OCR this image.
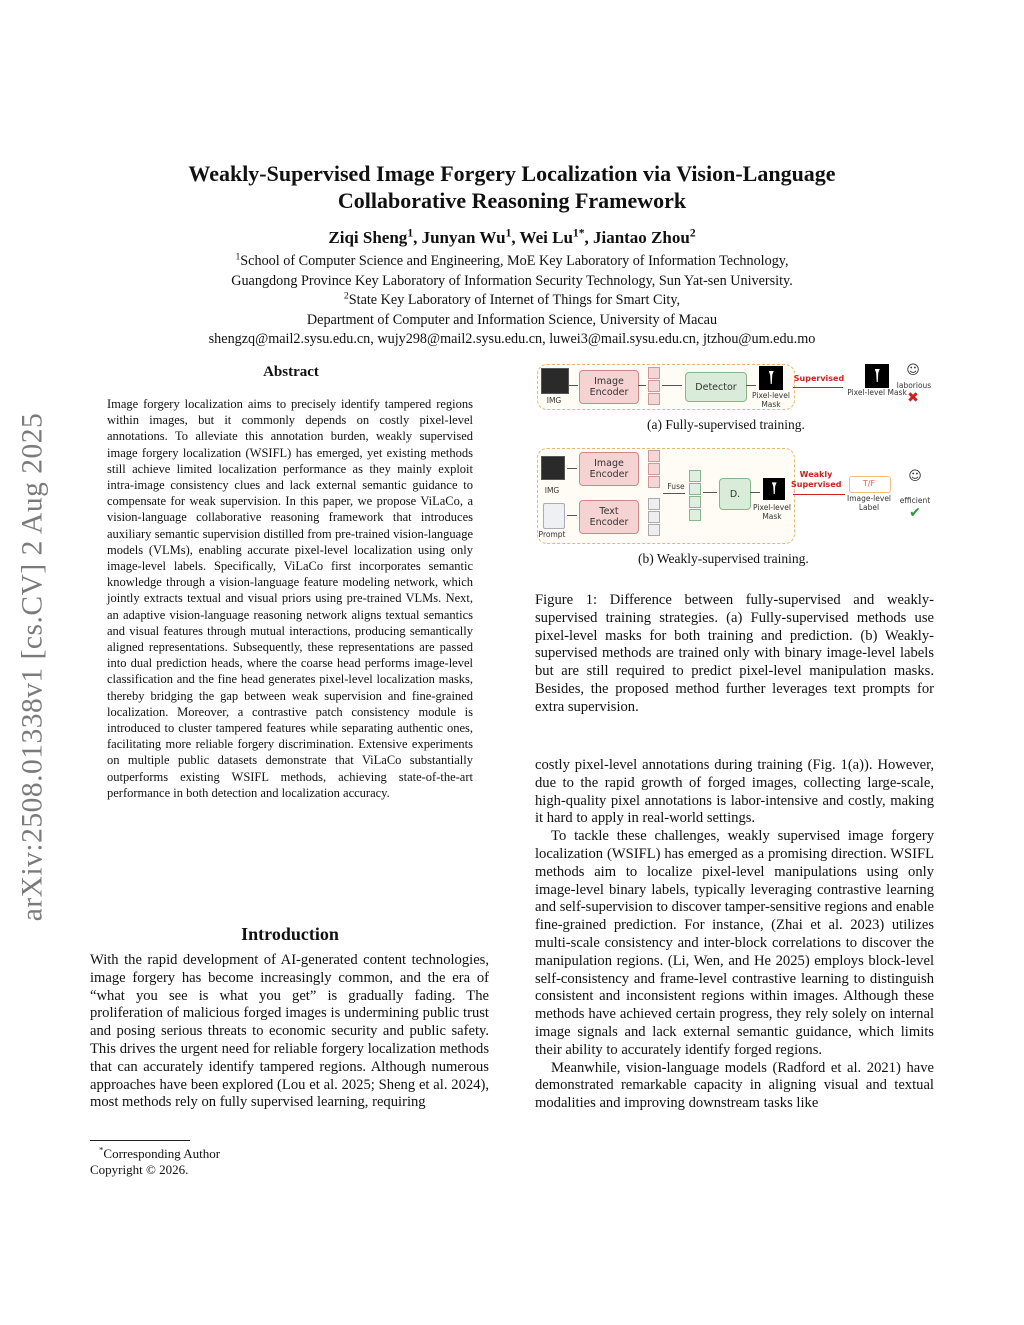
arXiv:2508.01338v1 [cs.CV] 2 Aug 2025
Weakly-Supervised Image Forgery Localization via Vision-Language
Collaborative Reasoning Framework
Ziqi Sheng$^1$, Junyan Wu$^1$, Wei $Lu^{1*}$, Jiantao Zhou$^2$
$^1$School of Computer Science and Engineering, MoE Key Laboratory of Information Technology,
Guangdong Province Key Laboratory of Information Security Technology, Sun Yat-sen University.
$^2$State Key Laboratory of Internet of Things for Smart City,
Department of Computer and Information Science, University of Macau
shengzq@mail2.sysu.edu.cn, wujy298@mail2.sysu.edu.cn, luwei3@mail.sysu.edu.cn, jtzhou@um.edu.mo
Abstract
Image forgery localization aims to precisely identify tampered regions within images, but it commonly depends on costly pixel-level annotations. To alleviate this annotation burden, weakly supervised image forgery localization (WSIFL) has emerged, yet existing methods still achieve limited localization performance as they mainly exploit intra-image consistency clues and lack external semantic guidance to compensate for weak supervision. In this paper, we propose ViLaCo, a vision-language collaborative reasoning framework that introduces auxiliary semantic supervision distilled from pre-trained vision-language models (VLMs), enabling accurate pixel-level localization using only image-level labels. Specifically, ViLaCo first incorporates semantic knowledge through a vision-language feature modeling network, which jointly extracts textual and visual priors using pre-trained VLMs. Next, an adaptive vision-language reasoning network aligns textual semantics and visual features through mutual interactions, producing semantically aligned representations. Subsequently, these representations are passed into dual prediction heads, where the coarse head performs image-level classification and the fine head generates pixel-level localization masks, thereby bridging the gap between weak supervision and fine-grained localization. Moreover, a contrastive patch consistency module is introduced to cluster tampered features while separating authentic ones, facilitating more reliable forgery discrimination. Extensive experiments on multiple public datasets demonstrate that ViLaCo substantially outperforms existing WSIFL methods, achieving state-of-the-art performance in both detection and localization accuracy.
Introduction
With the rapid development of AI-generated content technologies, image forgery has become increasingly common, and the era of “what you see is what you get” is gradually fading. The proliferation of malicious forged images is undermining public trust and posing serious threats to economic security and public safety. This drives the urgent need for reliable forgery localization methods that can accurately identify tampered regions. Although numerous approaches have been explored (Lou et al. 2025; Sheng et al. 2024), most methods rely on fully supervised learning, requiring
*Corresponding Author
Copyright © 2026.
IMG
Image Encoder	Detector
Pixel-level Mask
Supervised
Pixel-level Mask
☺
laborious
✖
(a) Fully-supervised training.
IMG
Prompt
Image Encoder
Text Encoder
Fuse
D.
Pixel-level Mask
Weakly Supervised	T/F
Image-level Label
☺
efficient
✔
(b) Weakly-supervised training.
Figure 1: Difference between fully-supervised and weakly-supervised training strategies. (a) Fully-supervised methods use pixel-level masks for both training and prediction. (b) Weakly-supervised methods are trained only with binary image-level labels but are still required to predict pixel-level manipulation masks. Besides, the proposed method further leverages text prompts for extra supervision.

costly pixel-level annotations during training (Fig. 1(a)). However, due to the rapid growth of forged images, collecting large-scale, high-quality pixel annotations is labor-intensive and costly, making it hard to apply in real-world settings.

To tackle these challenges, weakly supervised image forgery localization (WSIFL) has emerged as a promising direction. WSIFL methods aim to localize pixel-level manipulations using only image-level binary labels, typically leveraging contrastive learning and self-supervision to discover tamper-sensitive regions and enable fine-grained prediction. For instance, (Zhai et al. 2023) utilizes multi-scale consistency and inter-block correlations to discover the manipulation regions. (Li, Wen, and He 2025) employs block-level self-consistency and frame-level contrastive learning to distinguish consistent and inconsistent regions within images. Although these methods have achieved certain progress, they rely solely on internal image signals and lack external semantic guidance, which limits their ability to accurately identify forged regions.

Meanwhile, vision-language models (Radford et al. 2021) have demonstrated remarkable capacity in aligning visual and textual modalities and improving downstream tasks like
